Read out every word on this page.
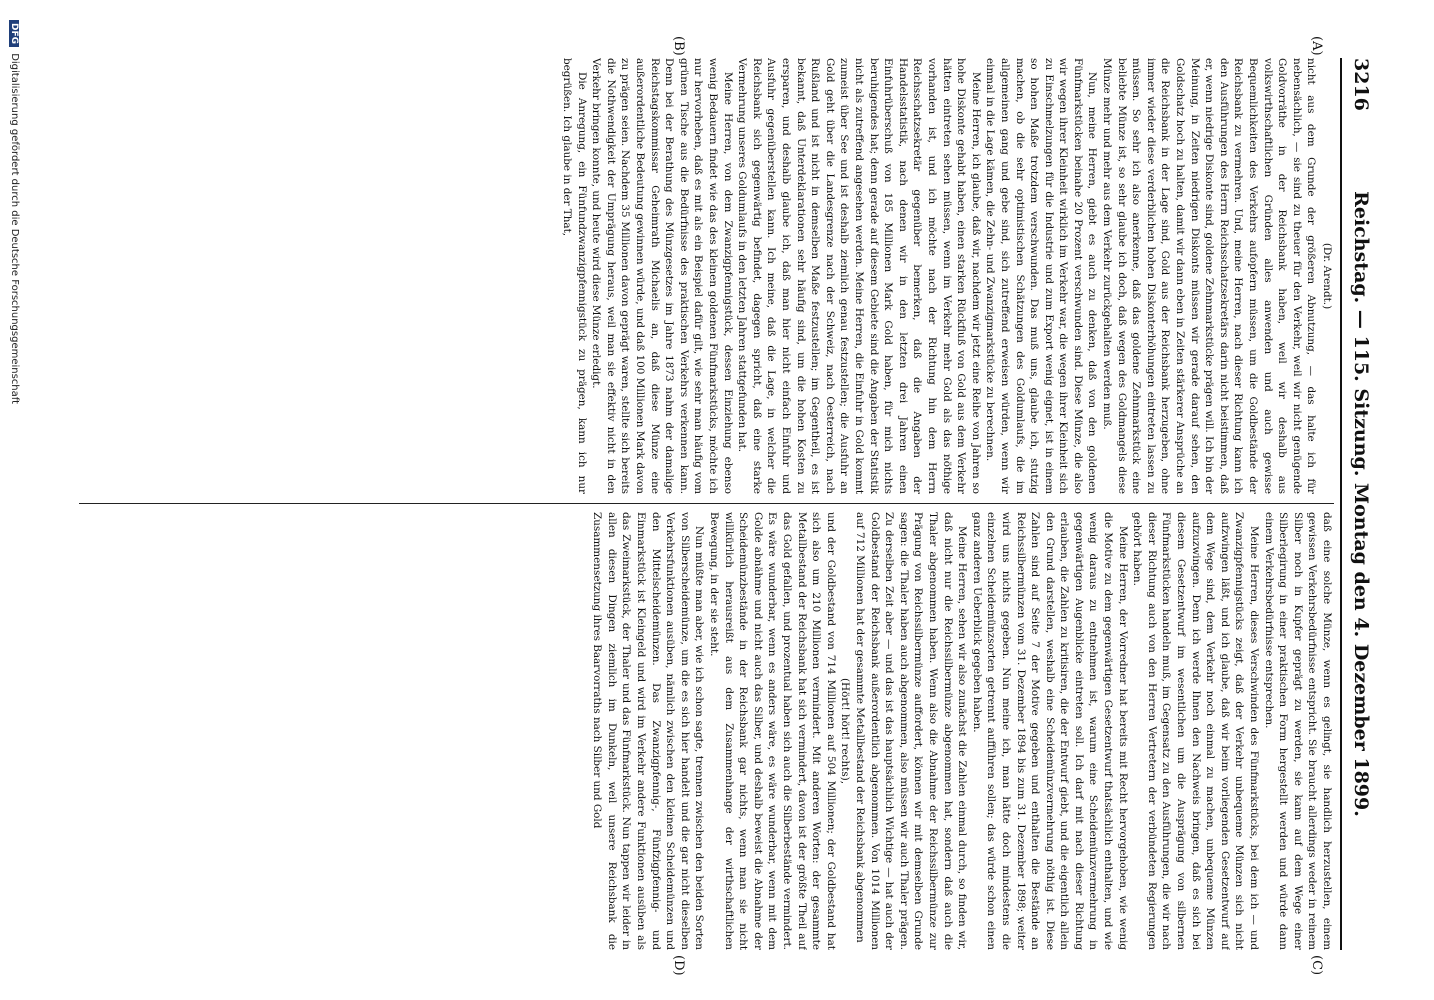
3216
Reichstag. — 115. Sitzung. Montag den 4. Dezember 1899.
(A)
(B)
(C)
(D)
(Dr. Arendt.)

nicht aus dem Grunde der größeren Abnutzung, — das halte ich für nebensächlich, — sie sind zu theuer für den Verkehr, weil wir nicht genügende Goldvorräthe in der Reichsbank haben, weil wir deshalb aus volkswirthschaftlichen Gründen alles anwenden und auch gewisse Bequemlichkeiten des Verkehrs aufopfern müssen, um die Goldbestände der Reichsbank zu vermehren. Und, meine Herren, nach dieser Richtung kann ich den Ausführungen des Herrn Reichsschatzsekretärs darin nicht beistimmen, daß er, wenn niedrige Diskonte sind, goldene Zehnmarkstücke prägen will. Ich bin der Meinung, in Zeiten niedrigen Diskonts müssen wir gerade darauf sehen, den Goldschatz hoch zu halten, damit wir dann eben in Zeiten stärkerer Ansprüche an die Reichsbank in der Lage sind, Gold aus der Reichsbank herzugeben, ohne immer wieder diese verderblichen hohen Diskonterhöhungen eintreten lassen zu müssen. So sehr ich also anerkenne, daß das goldene Zehnmarkstück eine beliebte Münze ist, so sehr glaube ich doch, daß wegen des Goldmangels diese Münze mehr und mehr aus dem Verkehr zurückgehalten werden muß.

Nun, meine Herren, giebt es auch zu denken, daß von den goldenen Fünfmarkstücken beinahe 20 Prozent verschwunden sind. Diese Münze, die also wir wegen ihrer Kleinheit wirklich im Verkehr war, die wegen ihrer Kleinheit sich zu Einschmelzungen für die Industrie und zum Export wenig eignet, ist in einem so hohen Maße trotzdem verschwunden. Das muß uns, glaube ich, stutzig machen, ob die sehr optimistischen Schätzungen des Goldumlaufs, die im allgemeinen gang und gebe sind, sich zutreffend erweisen würden, wenn wir einmal in die Lage kämen, die Zehn- und Zwanzigmarkstücke zu berechnen.

Meine Herren, ich glaube, daß wir, nachdem wir jetzt eine Reihe von Jahren so hohe Diskonte gehabt haben, einen starken Rückfluß von Gold aus dem Verkehr hätten eintreten sehen müssen, wenn im Verkehr mehr Gold als das nöthige vorhanden ist, und ich möchte nach der Richtung hin dem Herrn Reichsschatzsekretär gegenüber bemerken, daß die Angaben der Handelsstatistik, nach denen wir in den letzten drei Jahren einen Einfuhrüberschuß von 185 Millionen Mark Gold haben, für mich nichts beruhigendes hat; denn gerade auf diesem Gebiete sind die Angaben der Statistik nicht als zutreffend angesehen werden. Meine Herren, die Einfuhr in Gold kommt zumeist über See und ist deshalb ziemlich genau festzustellen; die Ausfuhr an Gold geht über die Landesgrenze nach der Schweiz, nach Oesterreich, nach Rußland und ist nicht in demselben Maße festzustellen; im Gegentheil, es ist bekannt, daß Unterdeklarationen sehr häufig sind, um die hohen Kosten zu ersparen, und deshalb glaube ich, daß man hier nicht einfach Einfuhr und Ausfuhr gegenüberstellen kann. Ich meine, daß die Lage, in welcher die Reichsbank sich gegenwärtig befindet, dagegen spricht, daß eine starke Vermehrung unseres Goldumlaufs in den letzten Jahren stattgefunden hat.

Meine Herren, von dem Zwanzigpfennigstück, dessen Einziehung ebenso wenig Bedauern findet wie das des kleinen goldenen Fünfmarkstücks, möchte ich nur hervorheben, daß es mit als ein Beispiel dafür gilt, wie sehr man häufig vom grünen Tische aus die Bedürfnisse des praktischen Verkehrs verkennen kann. Denn bei der Berathung des Münzgesetzes im Jahre 1873 nahm der damalige Reichstagskommissar Geheimrath Michaelis an, daß diese Münze eine außerordentliche Bedeutung gewinnen würde, und daß 100 Millionen Mark davon zu prägen seien. Nachdem 35 Millionen davon geprägt waren, stellte sich bereits die Nothwendigkeit der Umprägung heraus, weil man sie effektiv nicht in den Verkehr bringen konnte, und heute wird diese Münze erledigt.

Die Anregung, ein Fünfundzwanzigpfennigstück zu prägen, kann ich nur begrüßen. Ich glaube in der That,

daß eine solche Münze, wenn es gelingt, sie handlich herzustellen, einem gewissen Verkehrsbedürfnisse entspricht. Sie braucht allerdings weder in reinem Silber noch in Kupfer geprägt zu werden, sie kann auf dem Wege einer Silberlegirung in einer praktischen Form hergestellt werden und würde dann einem Verkehrsbedürfnisse entsprechen.

Meine Herren, dieses Verschwinden des Fünfmarkstücks, bei dem ich — und Zwanzigpfennigstücks zeigt, daß der Verkehr unbequeme Münzen sich nicht aufzwingen läßt, und ich glaube, daß wir beim vorliegenden Gesetzentwurf auf dem Wege sind, dem Verkehr noch einmal zu machen, unbequeme Münzen aufzuzwingen. Denn ich werde Ihnen den Nachweis bringen, daß es sich bei diesem Gesetzentwurf im wesentlichen um die Ausprägung von silbernen Fünfmarkstücken handeln muß, im Gegensatz zu den Ausführungen, die wir nach dieser Richtung auch von den Herren Vertretern der verbündeten Regierungen gehört haben.

Meine Herren, der Vorredner hat bereits mit Recht hervorgehoben, wie wenig die Motive zu dem gegenwärtigen Gesetzentwurf thatsächlich enthalten, und wie wenig daraus zu entnehmen ist, warum eine Scheidemünzvermehrung in gegenwärtigen Augenblicke eintreten soll. Ich darf mit nach dieser Richtung erlauben, die Zahlen zu kritisiren, die der Entwurf giebt, und die eigentlich allein den Grund darstellen, weshalb eine Scheidemünzvermehrung nöthig ist. Diese Zahlen sind auf Seite 7 der Motive gegeben und enthalten die Bestände an Reichssilbermünzen vom 31. Dezember 1894 bis zum 31. Dezember 1898; weiter wird uns nichts gegeben. Nun meine ich, man hätte doch mindestens die einzelnen Scheidemünzsorten getrennt aufführen sollen; das würde schon einen ganz anderen Ueberblick gegeben haben.

Meine Herren, sehen wir also zunächst die Zahlen einmal durch, so finden wir, daß nicht nur die Reichssilbermünze abgenommen hat, sondern daß auch die Thaler abgenommen haben. Wenn also die Abnahme der Reichssilbermünze zur Prägung von Reichssilbermünze auffordert, können wir mit demselben Grunde sagen: die Thaler haben auch abgenommen, also müssen wir auch Thaler prägen. Zu derselben Zeit aber — und das ist das hauptsächlich Wichtige — hat auch der Goldbestand der Reichsbank außerordentlich abgenommen. Von 1014 Millionen auf 712 Millionen hat der gesammte Metallbestand der Reichsbank abgenommen

(Hört! hört! rechts),

und der Goldbestand von 714 Millionen auf 504 Millionen; der Goldbestand hat sich also um 210 Millionen vermindert. Mit anderen Worten: der gesammte Metallbestand der Reichsbank hat sich vermindert, davon ist der größte Theil auf das Gold gefallen, und prozentual haben sich auch die Silberbestände vermindert. Es wäre wunderbar, wenn es anders wäre, es wäre wunderbar, wenn mit dem Golde abnähme und nicht auch das Silber, und deshalb beweist die Abnahme der Scheidemünzbestände in der Reichsbank gar nichts, wenn man sie nicht willkürlich herausreißt aus dem Zusammenhange der wirthschaftlichen Bewegung, in der sie steht.

Nun müßte man aber, wie ich schon sagte, trennen zwischen den beiden Sorten von Silberscheidemünze, um die es sich hier handelt und die gar nicht dieselben Verkehrsfunktionen ausüben, nämlich zwischen den kleinen Scheidemünzen und den Mittelscheidemünzen. Das Zwanzigpfennig-, Fünfzigpfennig- und Einmarkstück ist Kleingeld und wird im Verkehr andere Funktionen ausüben als das Zweimarkstück, der Thaler und das Fünfmarkstück. Nun tappen wir leider in allen diesen Dingen ziemlich im Dunkeln, weil unsere Reichsbank die Zusammensetzung ihres Baarvorraths nach Silber und Gold

DFG Digitalisierung gefördert durch die Deutsche Forschungsgemeinschaft
